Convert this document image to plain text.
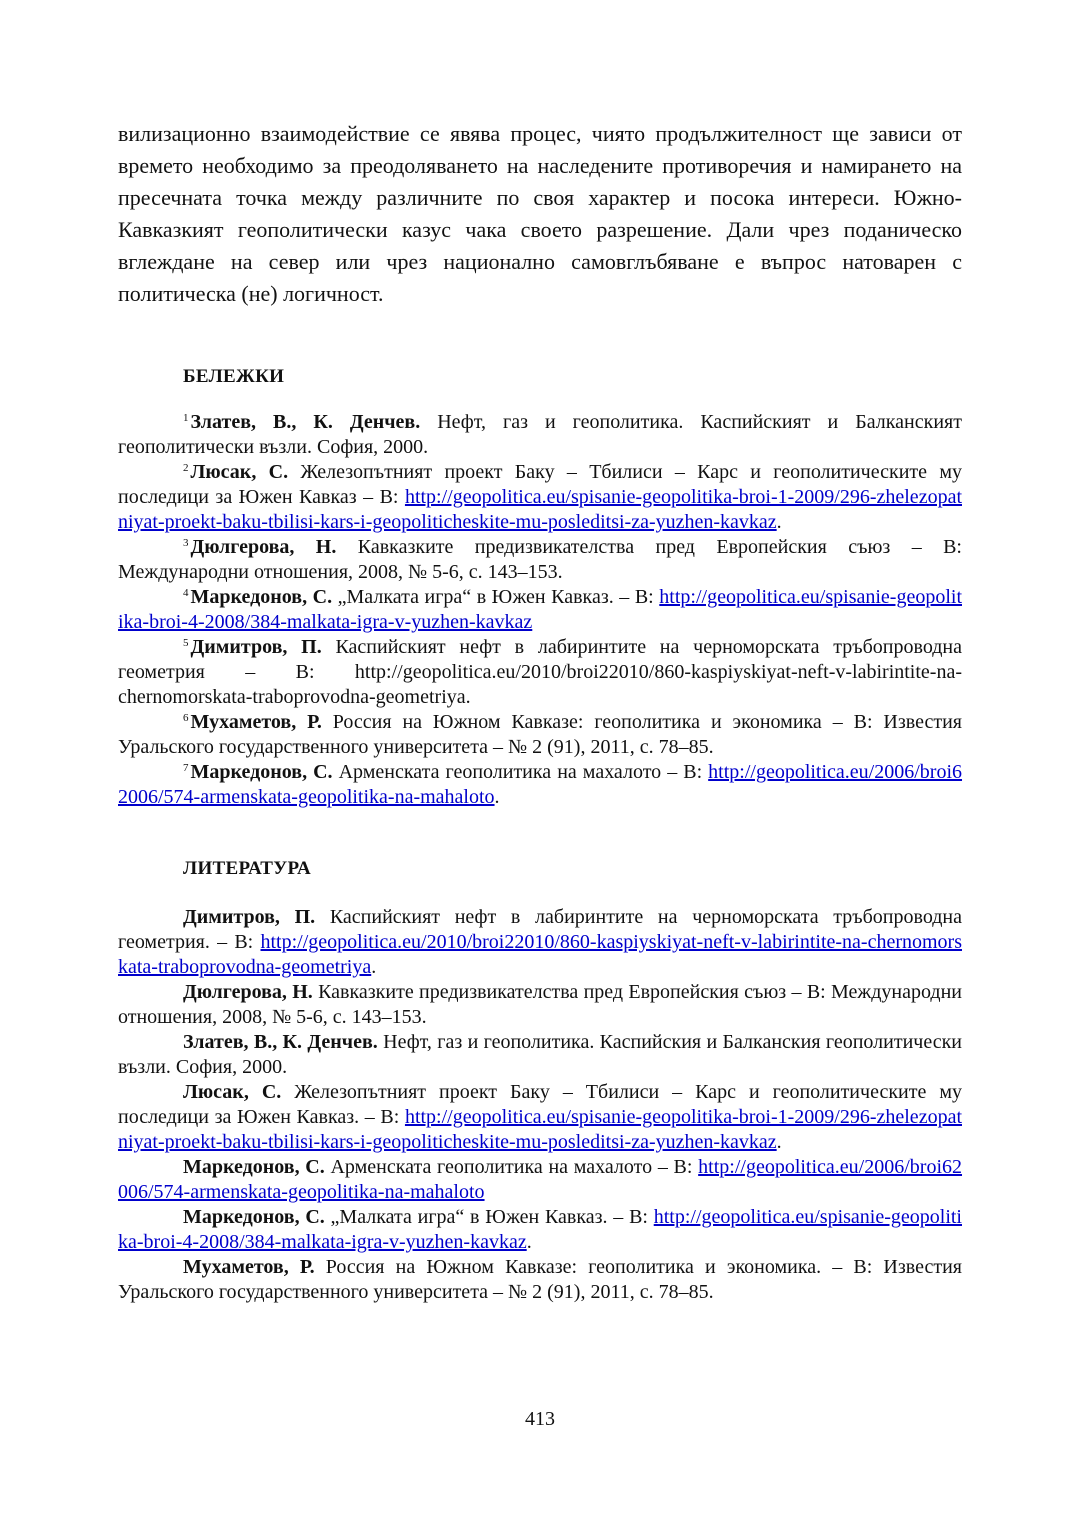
вилизационно взаимодействие се явява процес, чиято продължителност ще зависи от времето необходимо за преодоляването на наследените противоречия и намирането на пресечната точка между различните по своя характер и посока интереси. Южно-Кавказкият геополитически казус чака своето разрешение. Дали чрез поданическо вглеждане на север или чрез национално самовглъбяване е въпрос натоварен с политическа (не) логичност.

БЕЛЕЖКИ

$^1$ Златев, В., К. Денчев. Нефт, газ и геополитика. Каспийският и Балканският геополитически възли. София, 2000.

$^2$ Люсак, С. Железопътният проект Баку – Тбилиси – Карс и геополитическите му последици за Южен Кавказ – В: http://geopolitica.eu/spisanie-geopolitika-broi-1-2009/296-zhelezopatniyat-proekt-baku-tbilisi-kars-i-geopoliticheskite-mu-posleditsi-za-yuzhen-kavkaz.

$^3$ Дюлгерова, Н. Кавказките предизвикателства пред Европейския съюз – В: Международни отношения, 2008, № 5-6, с. 143–153.

$^4$ Маркедонов, С. „Малката игра“ в Южен Кавказ. – В: http://geopolitica.eu/spisanie-geopolitika-broi-4-2008/384-malkata-igra-v-yuzhen-kavkaz

$^5$ Димитров, П. Каспийският нефт в лабиринтите на черноморската тръбопроводна геометрия – В: http://geopolitica.eu/2010/broi22010/860-kaspiyskiyat-neft-v-labirintite-na-chernomorskata-traboprovodna-geometriya.

$^6$ Мухаметов, Р. Россия на Южном Кавказе: геополитика и экономика – В: Известия Уральского государственного университета – № 2 (91), 2011, с. 78–85.

$^7$ Маркедонов, С. Арменската геополитика на махалото – В: http://geopolitica.eu/2006/broi62006/574-armenskata-geopolitika-na-mahaloto.

ЛИТЕРАТУРА

Димитров, П. Каспийският нефт в лабиринтите на черноморската тръбопроводна геометрия. – В: http://geopolitica.eu/2010/broi22010/860-kaspiyskiyat-neft-v-labirintite-na-chernomorskata-traboprovodna-geometriya.

Дюлгерова, Н. Кавказките предизвикателства пред Европейския съюз – В: Международни отношения, 2008, № 5-6, с. 143–153.

Златев, В., К. Денчев. Нефт, газ и геополитика. Каспийския и Балканския геополитически възли. София, 2000.

Люсак, С. Железопътният проект Баку – Тбилиси – Карс и геополитическите му последици за Южен Кавказ. – В: http://geopolitica.eu/spisanie-geopolitika-broi-1-2009/296-zhelezopatniyat-proekt-baku-tbilisi-kars-i-geopoliticheskite-mu-posleditsi-za-yuzhen-kavkaz.

Маркедонов, С. Арменската геополитика на махалото – В: http://geopolitica.eu/2006/broi62006/574-armenskata-geopolitika-na-mahaloto

Маркедонов, С. „Малката игра“ в Южен Кавказ. – В: http://geopolitica.eu/spisanie-geopolitika-broi-4-2008/384-malkata-igra-v-yuzhen-kavkaz.

Мухаметов, Р. Россия на Южном Кавказе: геополитика и экономика. – В: Известия Уральского государственного университета – № 2 (91), 2011, с. 78–85.

413
